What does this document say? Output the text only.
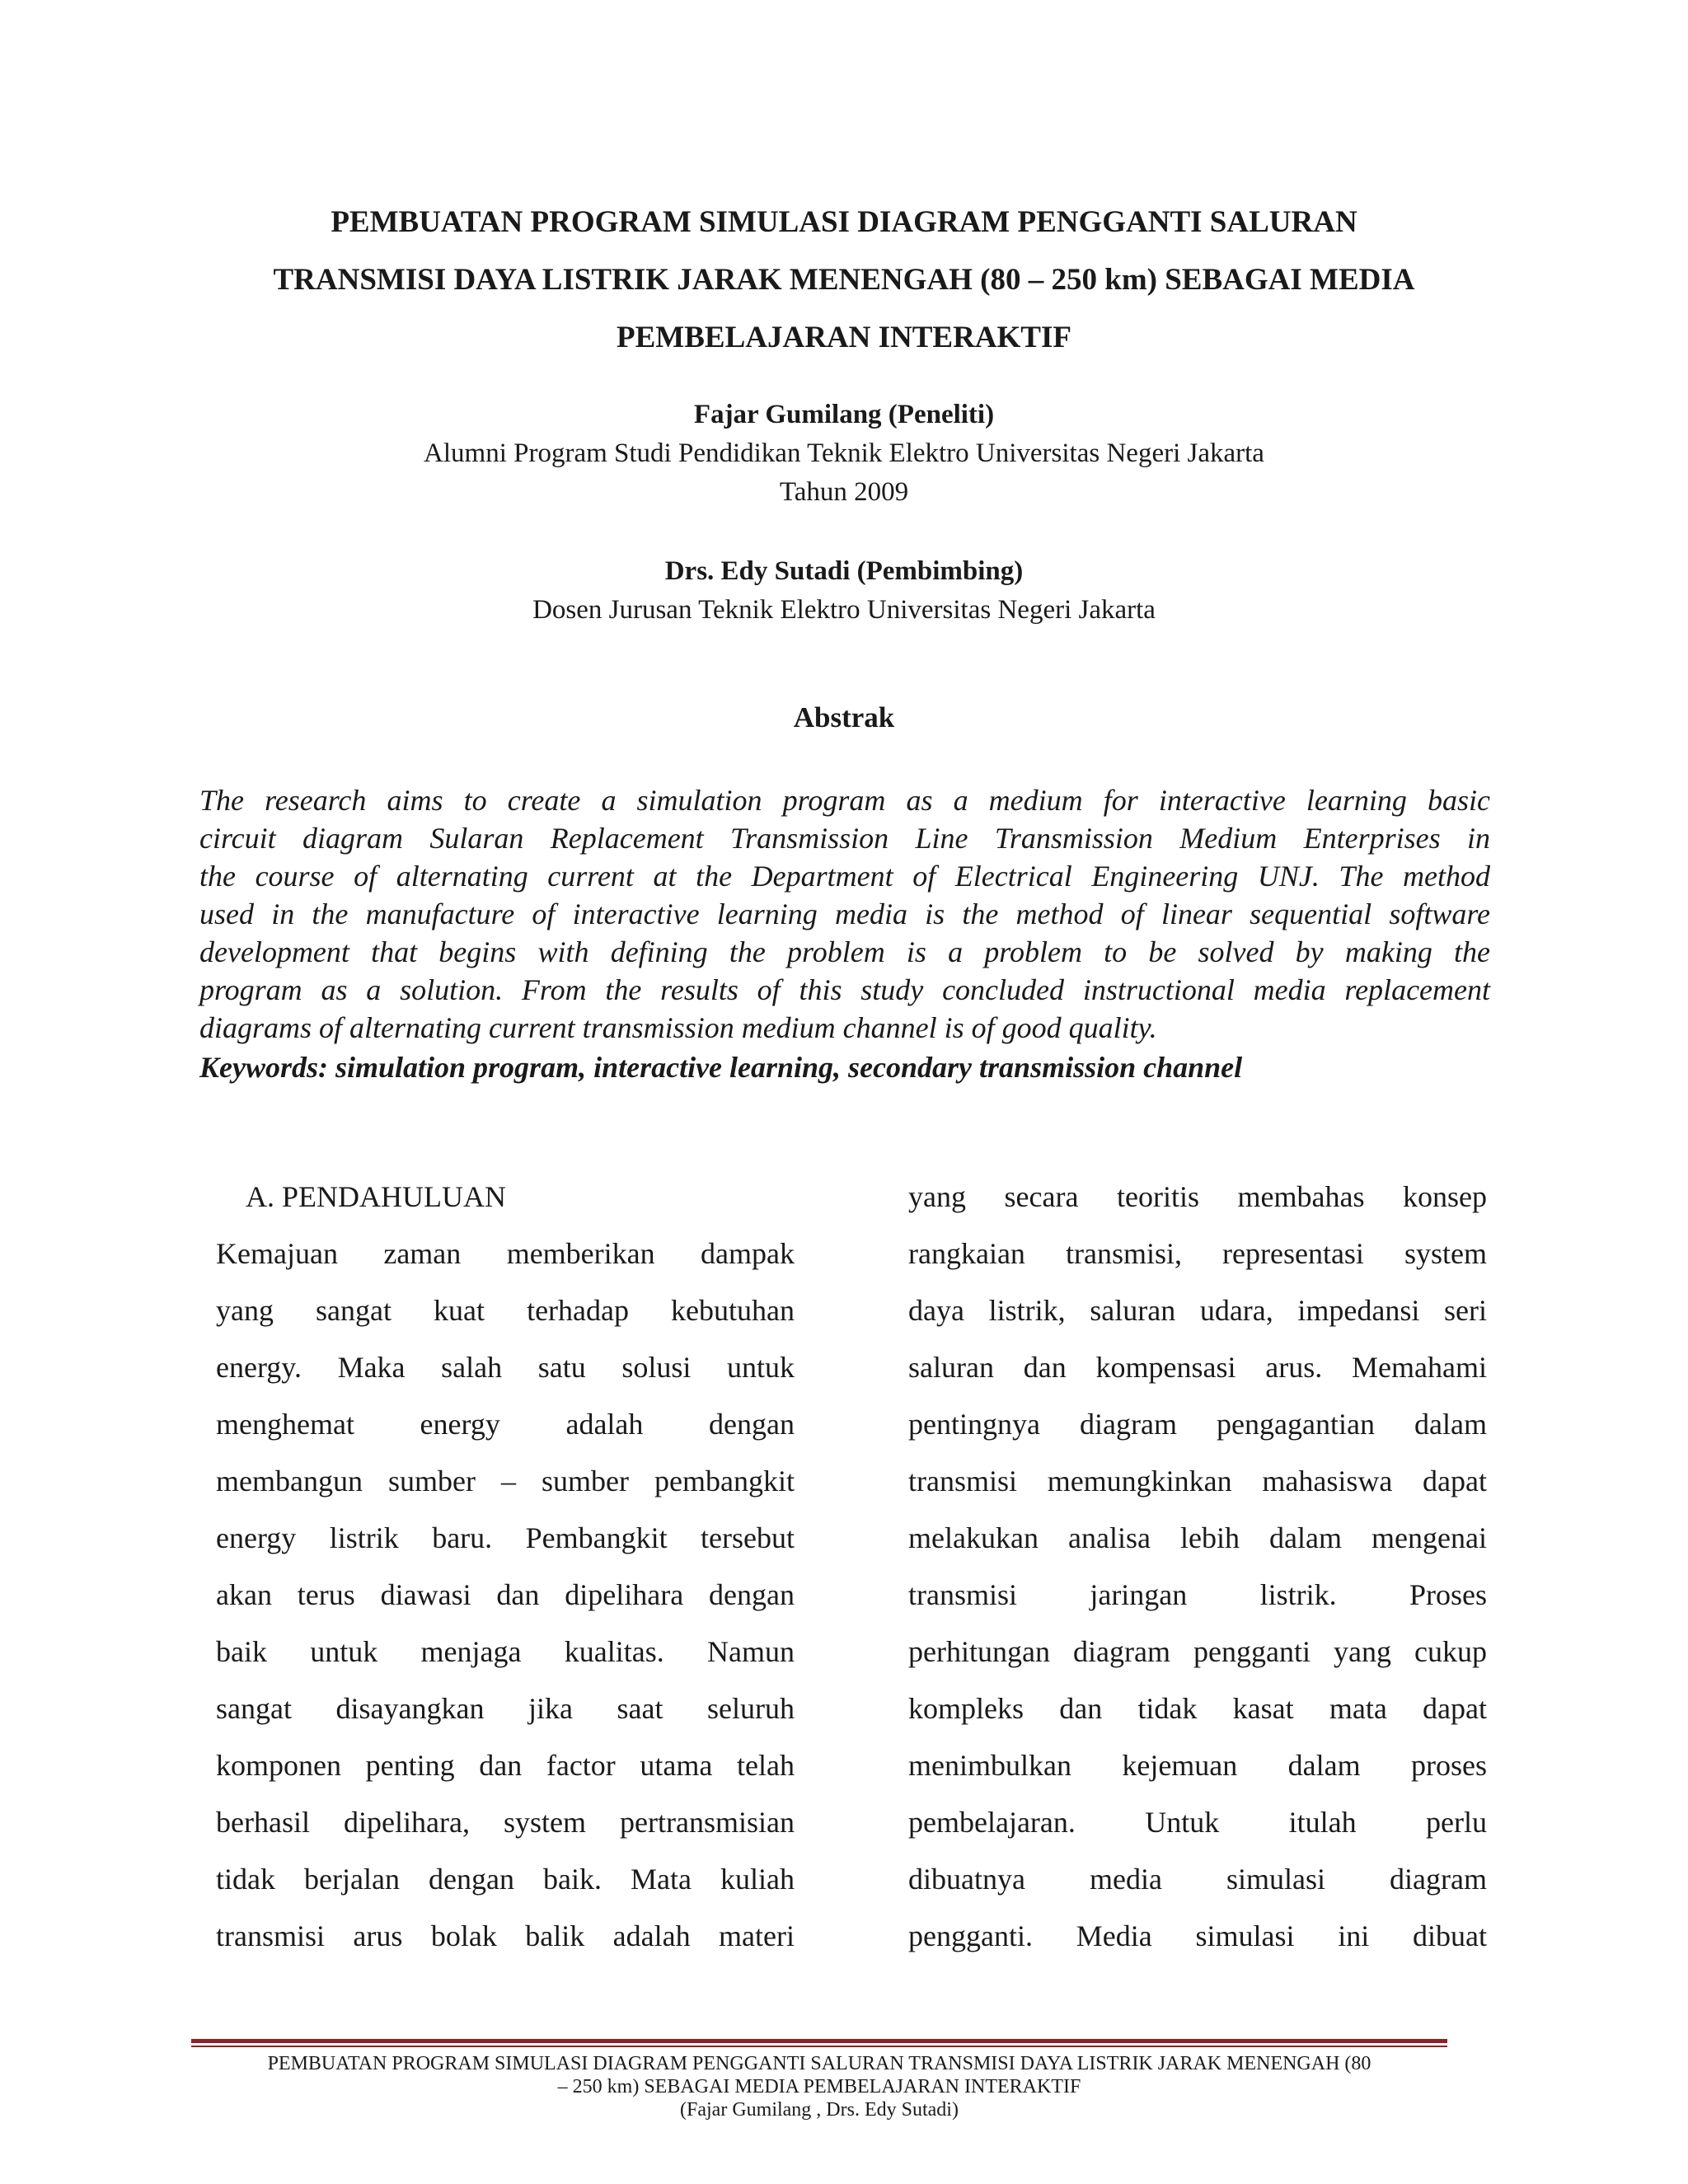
PEMBUATAN PROGRAM SIMULASI DIAGRAM PENGGANTI SALURAN
TRANSMISI DAYA LISTRIK JARAK MENENGAH (80 – 250 km) SEBAGAI MEDIA
PEMBELAJARAN INTERAKTIF
Fajar Gumilang (Peneliti)
Alumni Program Studi Pendidikan Teknik Elektro Universitas Negeri Jakarta
Tahun 2009
Drs. Edy Sutadi (Pembimbing)
Dosen Jurusan Teknik Elektro Universitas Negeri Jakarta
Abstrak
The research aims to create a simulation program as a medium for interactive learning basic
circuit diagram Sularan Replacement Transmission Line Transmission Medium Enterprises in
the course of alternating current at the Department of Electrical Engineering UNJ. The method
used in the manufacture of interactive learning media is the method of linear sequential software
development that begins with defining the problem is a problem to be solved by making the
program as a solution. From the results of this study concluded instructional media replacement
diagrams of alternating current transmission medium channel is of good quality.
Keywords: simulation program, interactive learning, secondary transmission channel
A. PENDAHULUAN
Kemajuan zaman memberikan dampak
yang sangat kuat terhadap kebutuhan
energy. Maka salah satu solusi untuk
menghemat energy adalah dengan
membangun sumber – sumber pembangkit
energy listrik baru. Pembangkit tersebut
akan terus diawasi dan dipelihara dengan
baik untuk menjaga kualitas. Namun
sangat disayangkan jika saat seluruh
komponen penting dan factor utama telah
berhasil dipelihara, system pertransmisian
tidak berjalan dengan baik. Mata kuliah
transmisi arus bolak balik adalah materi
yang secara teoritis membahas konsep
rangkaian transmisi, representasi system
daya listrik, saluran udara, impedansi seri
saluran dan kompensasi arus. Memahami
pentingnya diagram pengagantian dalam
transmisi memungkinkan mahasiswa dapat
melakukan analisa lebih dalam mengenai
transmisi jaringan listrik. Proses
perhitungan diagram pengganti yang cukup
kompleks dan tidak kasat mata dapat
menimbulkan kejemuan dalam proses
pembelajaran. Untuk itulah perlu
dibuatnya media simulasi diagram
pengganti. Media simulasi ini dibuat
PEMBUATAN PROGRAM SIMULASI DIAGRAM PENGGANTI SALURAN TRANSMISI DAYA LISTRIK JARAK MENENGAH (80
– 250 km) SEBAGAI MEDIA PEMBELAJARAN INTERAKTIF
(Fajar Gumilang , Drs. Edy Sutadi)
